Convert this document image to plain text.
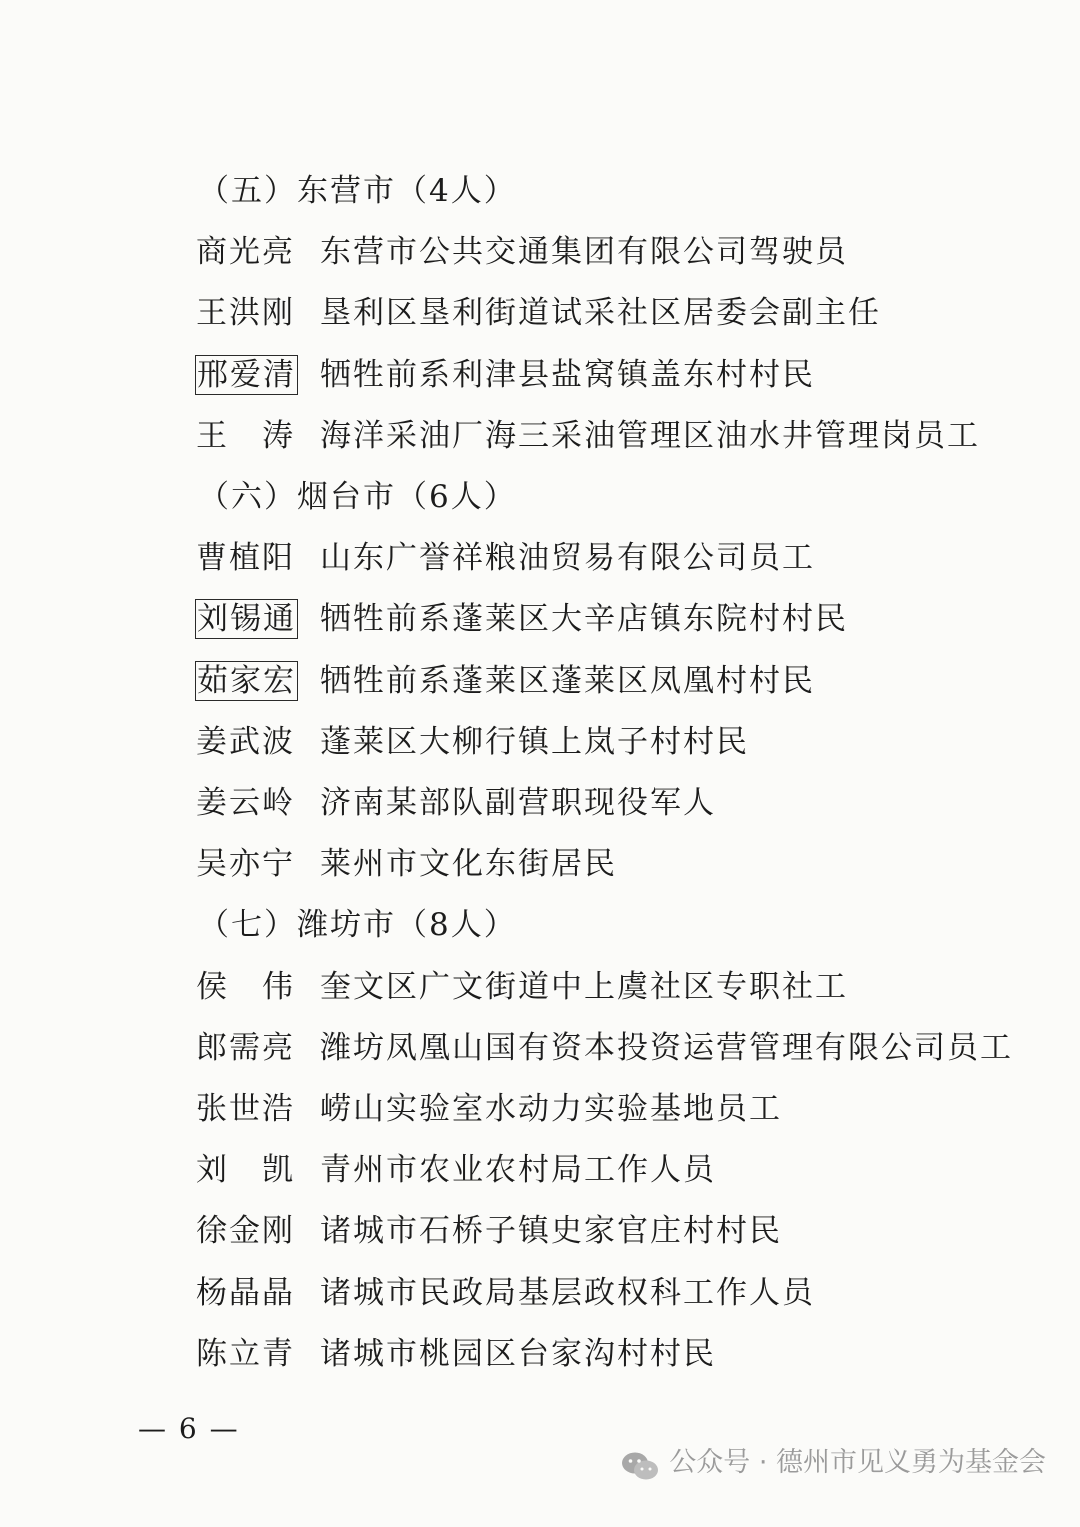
（五）东营市（4人）
商光亮 东营市公共交通集团有限公司驾驶员
王洪刚 垦利区垦利街道试采社区居委会副主任
邢爱清 牺牲前系利津县盐窝镇盖东村村民
王　涛 海洋采油厂海三采油管理区油水井管理岗员工
（六）烟台市（6人）
曹植阳 山东广誉祥粮油贸易有限公司员工
刘锡通 牺牲前系蓬莱区大辛店镇东院村村民
茹家宏 牺牲前系蓬莱区蓬莱区凤凰村村民
姜武波 蓬莱区大柳行镇上岚子村村民
姜云岭 济南某部队副营职现役军人
吴亦宁 莱州市文化东街居民
（七）潍坊市（8人）
侯　伟 奎文区广文街道中上虞社区专职社工
郎需亮 潍坊凤凰山国有资本投资运营管理有限公司员工
张世浩 崂山实验室水动力实验基地员工
刘　凯 青州市农业农村局工作人员
徐金刚 诸城市石桥子镇史家官庄村村民
杨晶晶 诸城市民政局基层政权科工作人员
陈立青 诸城市桃园区台家沟村村民
— 6 —
公众号 · 德州市见义勇为基金会
